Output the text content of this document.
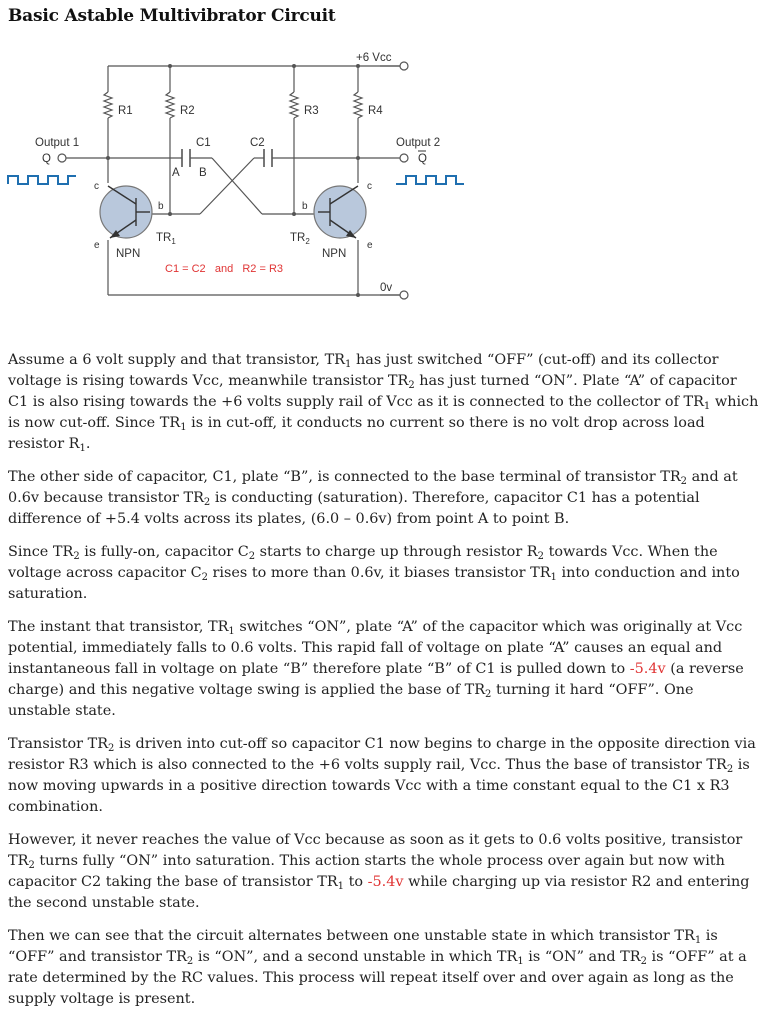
Basic Astable Multivibrator Circuit
+6 Vcc
R1	R2	R3	R4
C1	C2
A B
Output 1
Q
Output 2
Q
c
b
e
c
b
e
$TR_1$	$TR_2$
NPN	NPN
0v
C1 = C2   and   R2 = R3

Assume a 6 volt supply and that transistor, $TR_1$ has just switched “OFF” (cut-off) and its collector voltage is rising towards Vcc, meanwhile transistor $TR_2$ has just turned “ON”. Plate “A” of capacitor C1 is also rising towards the +6 volts supply rail of Vcc as it is connected to the collector of $TR_1$ which is now cut-off. Since $TR_1$ is in cut-off, it conducts no current so there is no volt drop across load resistor $R_1$.

The other side of capacitor, C1, plate “B”, is connected to the base terminal of transistor $TR_2$ and at 0.6v because transistor $TR_2$ is conducting (saturation). Therefore, capacitor C1 has a potential difference of +5.4 volts across its plates, (6.0 – 0.6v) from point A to point B.

Since $TR_2$ is fully-on, capacitor $C_2$ starts to charge up through resistor $R_2$ towards Vcc. When the voltage across capacitor $C_2$ rises to more than 0.6v, it biases transistor $TR_1$ into conduction and into saturation.

The instant that transistor, $TR_1$ switches “ON”, plate “A” of the capacitor which was originally at Vcc potential, immediately falls to 0.6 volts. This rapid fall of voltage on plate “A” causes an equal and instantaneous fall in voltage on plate “B” therefore plate “B” of C1 is pulled down to -5.4v (a reverse charge) and this negative voltage swing is applied the base of $TR_2$ turning it hard “OFF”. One unstable state.

Transistor $TR_2$ is driven into cut-off so capacitor C1 now begins to charge in the opposite direction via resistor R3 which is also connected to the +6 volts supply rail, Vcc. Thus the base of transistor $TR_2$ is now moving upwards in a positive direction towards Vcc with a time constant equal to the C1 x R3 combination.

However, it never reaches the value of Vcc because as soon as it gets to 0.6 volts positive, transistor $TR_2$ turns fully “ON” into saturation. This action starts the whole process over again but now with capacitor C2 taking the base of transistor $TR_1$ to -5.4v while charging up via resistor R2 and entering the second unstable state.

Then we can see that the circuit alternates between one unstable state in which transistor $TR_1$ is “OFF” and transistor $TR_2$ is “ON”, and a second unstable in which $TR_1$ is “ON” and $TR_2$ is “OFF” at a rate determined by the RC values. This process will repeat itself over and over again as long as the supply voltage is present.
